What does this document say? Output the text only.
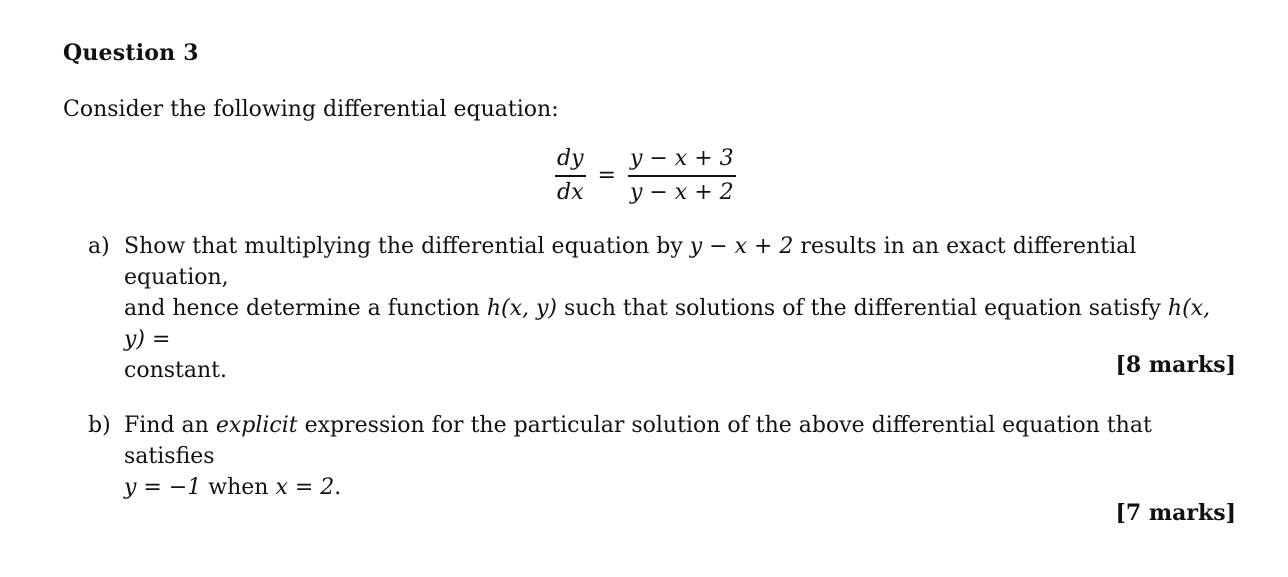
Question 3
Consider the following differential equation:
$\frac{dy}{dx} = \frac{y - x + 3}{y - x + 2}$
a) Show that multiplying the differential equation by y − x + 2 results in an exact differential equation,
and hence determine a function h(x, y) such that solutions of the differential equation satisfy h(x, y) =
constant.	[8 marks]
b) Find an explicit expression for the particular solution of the above differential equation that satisfies
y = −1 when x = 2.
[7 marks]
